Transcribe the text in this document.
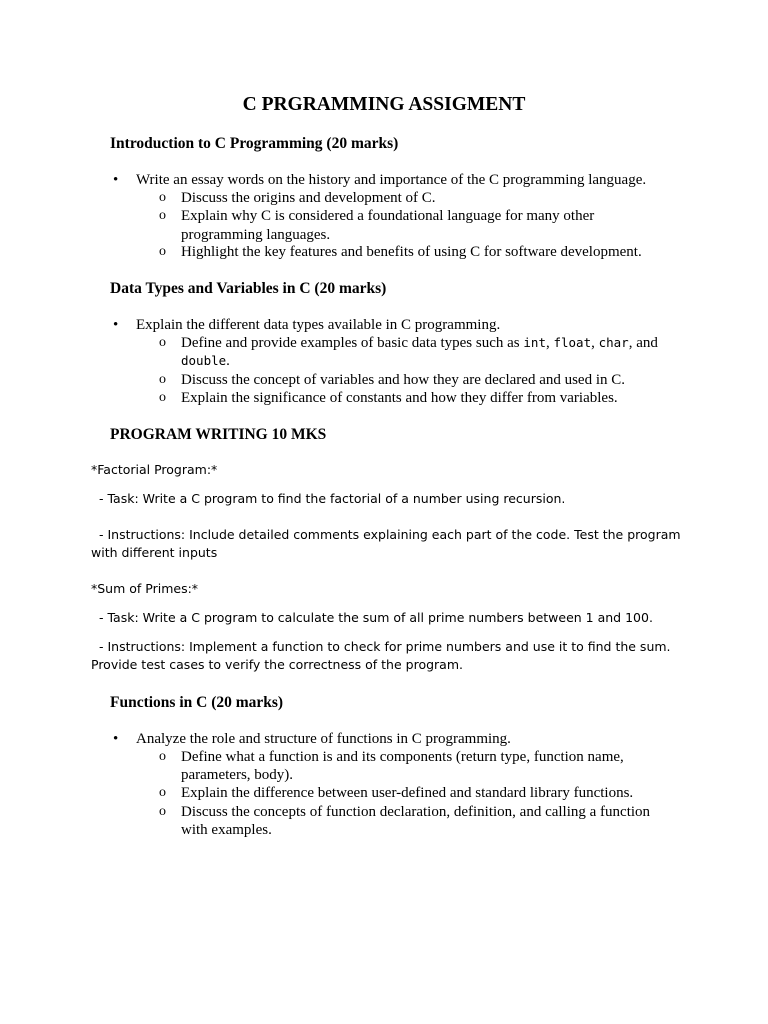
C PRGRAMMING ASSIGMENT
Introduction to C Programming (20 marks)
• Write an essay words on the history and importance of the C programming language.
o Discuss the origins and development of C.
o Explain why C is considered a foundational language for many other
programming languages.
o Highlight the key features and benefits of using C for software development.
Data Types and Variables in C (20 marks)
• Explain the different data types available in C programming.
o Define and provide examples of basic data types such as int, float, char, and
double.
o Discuss the concept of variables and how they are declared and used in C.
o Explain the significance of constants and how they differ from variables.
PROGRAM WRITING 10 MKS
*Factorial Program:*
- Task: Write a C program to find the factorial of a number using recursion.
- Instructions: Include detailed comments explaining each part of the code. Test the program with different inputs
*Sum of Primes:*
- Task: Write a C program to calculate the sum of all prime numbers between 1 and 100.
- Instructions: Implement a function to check for prime numbers and use it to find the sum. Provide test cases to verify the correctness of the program.
Functions in C (20 marks)
• Analyze the role and structure of functions in C programming.
o Define what a function is and its components (return type, function name,
parameters, body).
o Explain the difference between user-defined and standard library functions.
o Discuss the concepts of function declaration, definition, and calling a function
with examples.
